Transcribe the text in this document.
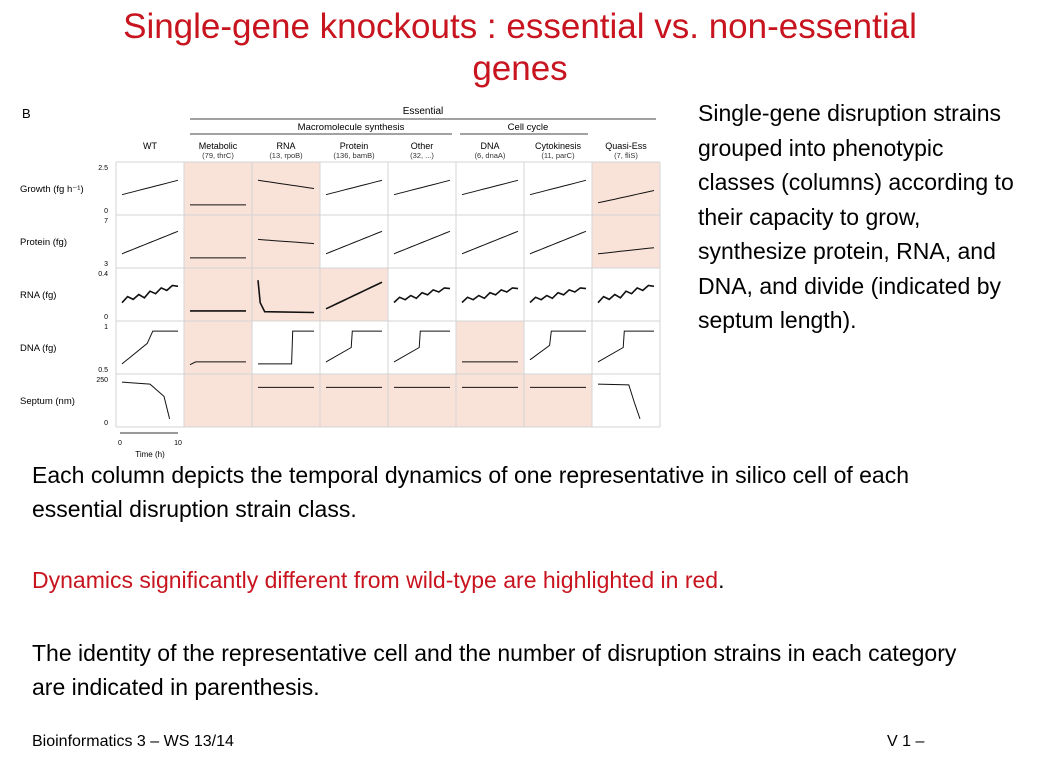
Single-gene knockouts : essential vs. non-essential
genes
B	Essential
Macromolecule synthesis	Cell cycle
WT	Metabolic
(79, thrC)
RNA
(13, rpoB)
Protein
(136, bamB)
Other
(32, ...)
DNA
(6, dnaA)
Cytokinesis
(11, parC)
Quasi-Ess
(7, fliS)
Growth (fg h⁻¹)
2.5
0
Protein (fg)
7
3
RNA (fg)
0.4
0
DNA (fg)
1
0.5
Septum (nm)
250
0
0	10
Time (h)
Single-gene disruption strains grouped into phenotypic classes (columns) according to their capacity to grow, synthesize protein, RNA, and DNA, and divide (indicated by septum length).
Each column depicts the temporal dynamics of one representative in silico cell of each essential disruption strain class.
Dynamics significantly different from wild-type are highlighted in red.
The identity of the representative cell and the number of disruption strains in each category are indicated in parenthesis.
Bioinformatics 3 – WS 13/14	V 1 –
